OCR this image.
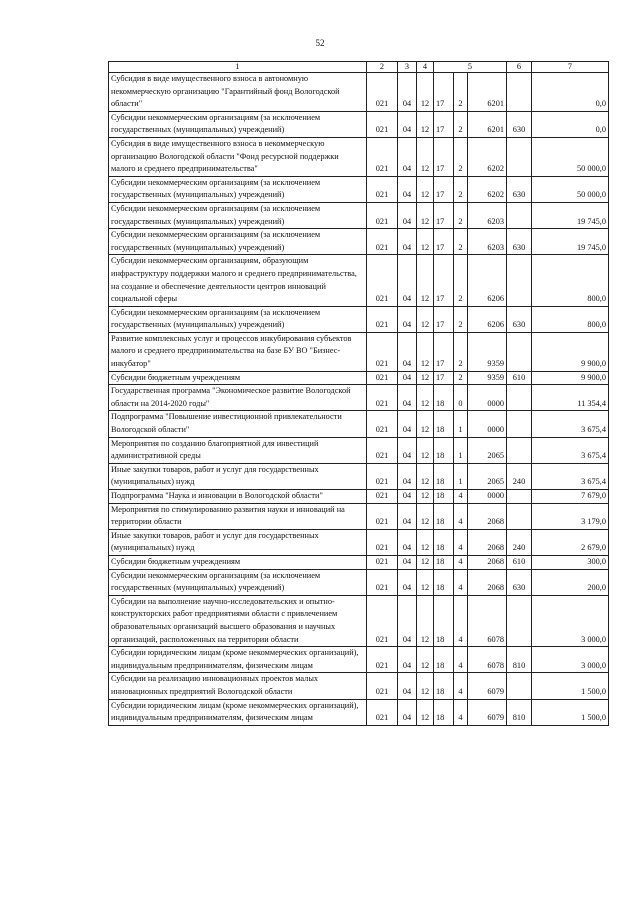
52
1	2	3	4	5			6	7
Субсидия в виде имущественного взноса в автономную некоммерческую организацию "Гарантийный фонд Вологодской области"	021	04	12	17	2	6201		0,0
Субсидии некоммерческим организациям (за исключением государственных (муниципальных) учреждений)	021	04	12	17	2	6201	630	0,0
Субсидия в виде имущественного взноса в некоммерческую организацию Вологодской области "Фонд ресурсной поддержки малого и среднего предпринимательства"	021	04	12	17	2	6202		50 000,0
Субсидии некоммерческим организациям (за исключением государственных (муниципальных) учреждений)	021	04	12	17	2	6202	630	50 000,0
Субсидии некоммерческим организациям (за исключением государственных (муниципальных) учреждений)	021	04	12	17	2	6203		19 745,0
Субсидии некоммерческим организациям (за исключением государственных (муниципальных) учреждений)	021	04	12	17	2	6203	630	19 745,0
Субсидии некоммерческим организациям, образующим инфраструктуру поддержки малого и среднего предпринимательства, на создание и обеспечение деятельности центров инноваций социальной сферы	021	04	12	17	2	6206		800,0
Субсидии некоммерческим организациям (за исключением государственных (муниципальных) учреждений)	021	04	12	17	2	6206	630	800,0
Развитие комплексных услуг и процессов инкубирования субъектов малого и среднего предпринимательства на базе БУ ВО "Бизнес-инкубатор"	021	04	12	17	2	9359		9 900,0
Субсидии бюджетным учреждениям	021	04	12	17	2	9359	610	9 900,0
Государственная программа "Экономическое развитие Вологодской области на 2014-2020 годы"	021	04	12	18	0	0000		11 354,4
Подпрограмма "Повышение инвестиционной привлекательности Вологодской области"	021	04	12	18	1	0000		3 675,4
Мероприятия по созданию благоприятной для инвестиций административной среды	021	04	12	18	1	2065		3 675,4
Иные закупки товаров, работ и услуг для государственных (муниципальных) нужд	021	04	12	18	1	2065	240	3 675,4
Подпрограмма "Наука и инновации в Вологодской области"	021	04	12	18	4	0000		7 679,0
Мероприятия по стимулированию развития науки и инноваций на территории области	021	04	12	18	4	2068		3 179,0
Иные закупки товаров, работ и услуг для государственных (муниципальных) нужд	021	04	12	18	4	2068	240	2 679,0
Субсидии бюджетным учреждениям	021	04	12	18	4	2068	610	300,0
Субсидии некоммерческим организациям (за исключением государственных (муниципальных) учреждений)	021	04	12	18	4	2068	630	200,0
Субсидии на выполнение научно-исследовательских и опытно-конструкторских работ предприятиями области с привлечением образовательных организаций высшего образования и научных организаций, расположенных на территории области	021	04	12	18	4	6078		3 000,0
Субсидии юридическим лицам (кроме некоммерческих организаций), индивидуальным предпринимателям, физическим лицам	021	04	12	18	4	6078	810	3 000,0
Субсидии на реализацию инновационных проектов малых инновационных предприятий Вологодской области	021	04	12	18	4	6079		1 500,0
Субсидии юридическим лицам (кроме некоммерческих организаций), индивидуальным предпринимателям, физическим лицам	021	04	12	18	4	6079	810	1 500,0
